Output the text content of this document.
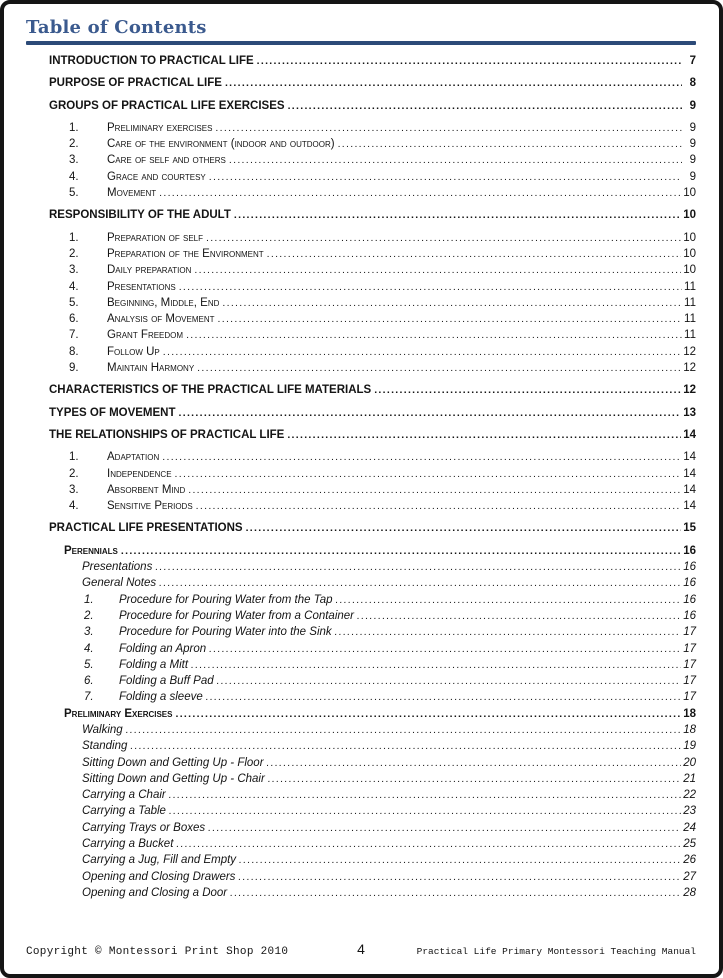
Table of Contents
INTRODUCTION TO PRACTICAL LIFE .....	7
PURPOSE OF PRACTICAL LIFE .....	8
GROUPS OF PRACTICAL LIFE EXERCISES .....	9
1.	Preliminary exercises .....	9
2.	Care of the environment (indoor and outdoor) .....	9
3.	Care of self and others .....	9
4.	Grace and courtesy .....	9
5.	Movement .....	10
RESPONSIBILITY OF THE ADULT .....	10
1.	Preparation of self .....	10
2.	Preparation of the Environment .....	10
3.	Daily preparation .....	10
4.	Presentations .....	11
5.	Beginning, Middle, End .....	11
6.	Analysis of Movement .....	11
7.	Grant Freedom .....	11
8.	Follow Up .....	12
9.	Maintain Harmony .....	12
CHARACTERISTICS OF THE PRACTICAL LIFE MATERIALS .....	12
TYPES OF MOVEMENT .....	13
THE RELATIONSHIPS OF PRACTICAL LIFE .....	14
1.	Adaptation .....	14
2.	Independence .....	14
3.	Absorbent Mind .....	14
4.	Sensitive Periods .....	14
PRACTICAL LIFE PRESENTATIONS .....	15
Perennials .....	16
Presentations .....	16
General Notes .....	16
1.	Procedure for Pouring Water from the Tap .....	16
2.	Procedure for Pouring Water from a Container .....	16
3.	Procedure for Pouring Water into the Sink .....	17
4.	Folding an Apron .....	17
5.	Folding a Mitt .....	17
6.	Folding a Buff Pad .....	17
7.	Folding a sleeve .....	17
Preliminary Exercises .....	18
Walking .....	18
Standing .....	19
Sitting Down and Getting Up - Floor .....	20
Sitting Down and Getting Up - Chair .....	21
Carrying a Chair .....	22
Carrying a Table .....	23
Carrying Trays or Boxes .....	24
Carrying a Bucket .....	25
Carrying a Jug, Fill and Empty .....	26
Opening and Closing Drawers .....	27
Opening and Closing a Door .....	28
Copyright © Montessori Print Shop 2010	4	Practical Life Primary Montessori Teaching Manual
